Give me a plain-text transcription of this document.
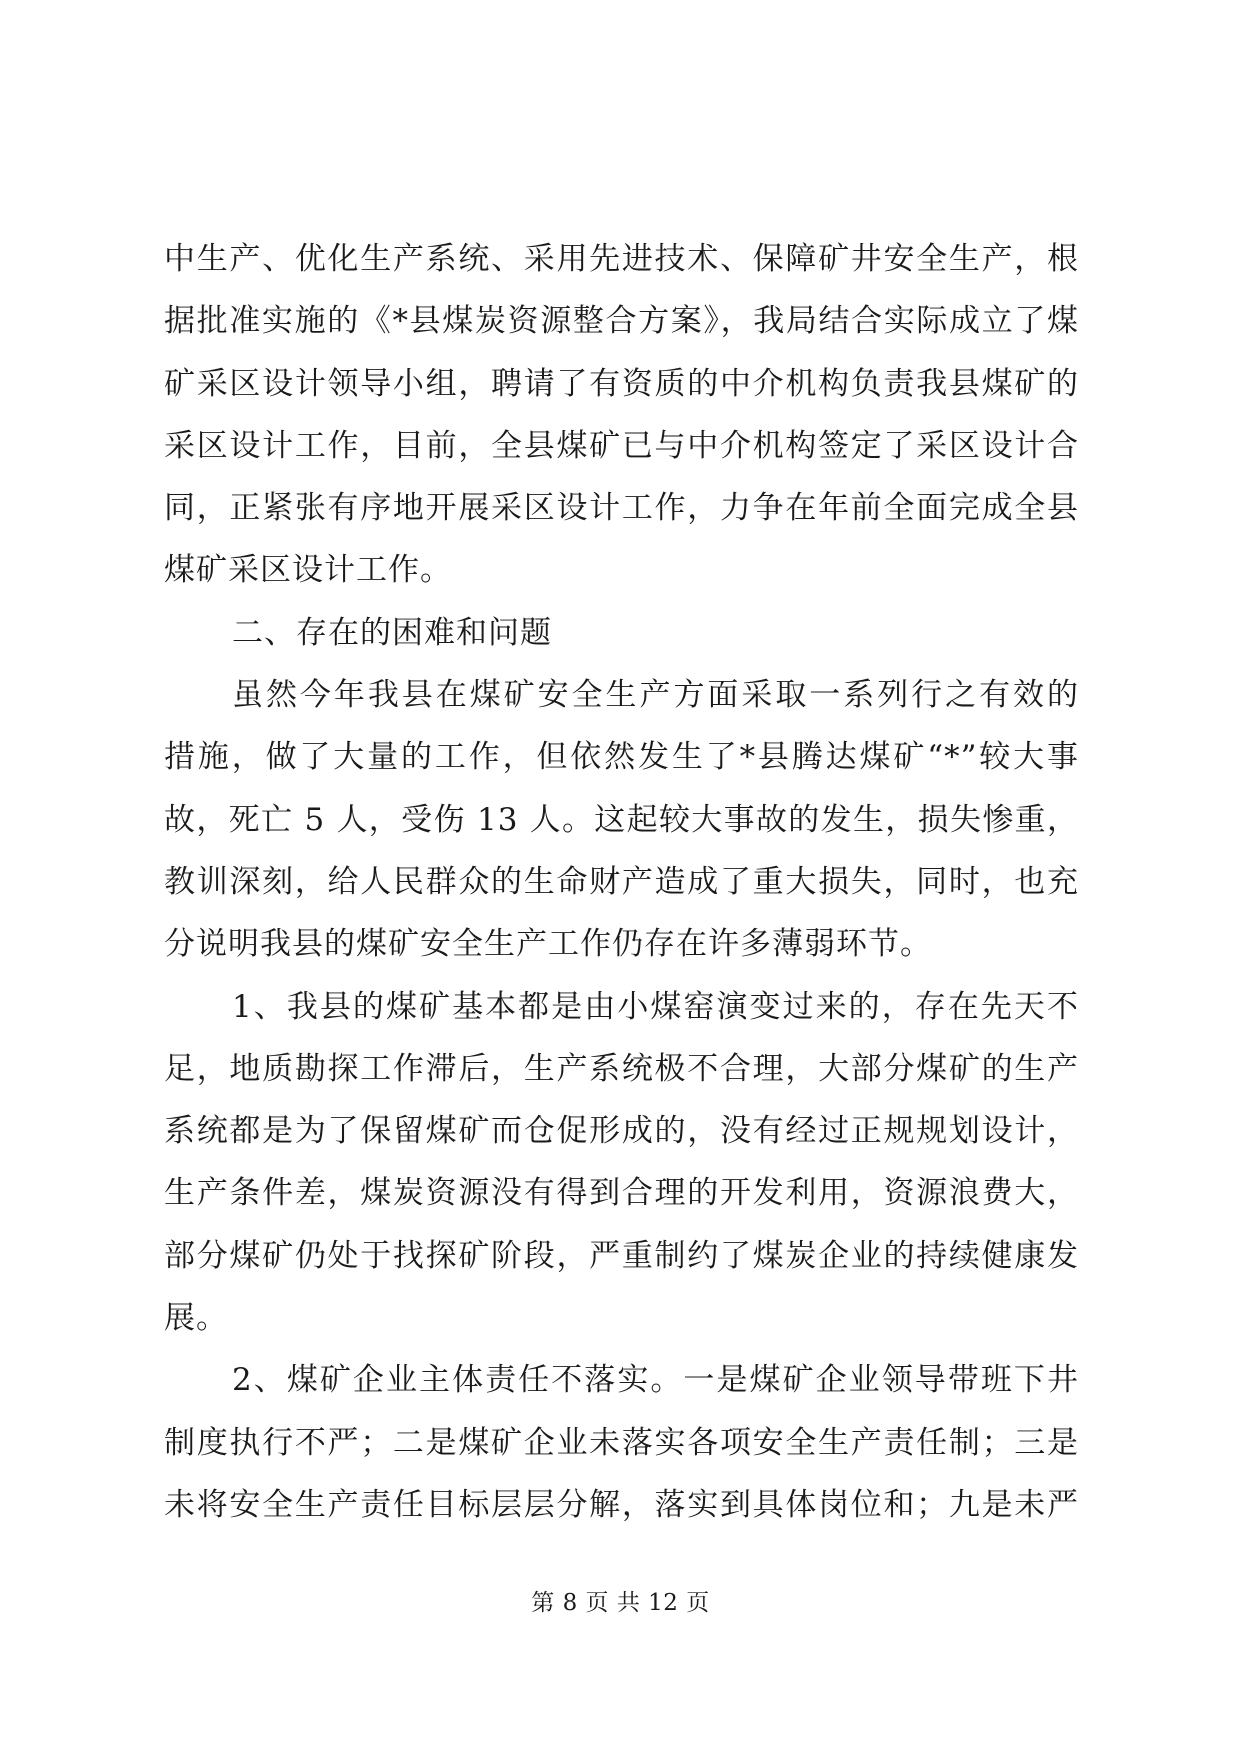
中生产、优化生产系统、采用先进技术、保障矿井安全生产，根
据批准实施的《*县煤炭资源整合方案》，我局结合实际成立了煤
矿采区设计领导小组，聘请了有资质的中介机构负责我县煤矿的
采区设计工作，目前，全县煤矿已与中介机构签定了采区设计合
同，正紧张有序地开展采区设计工作，力争在年前全面完成全县
煤矿采区设计工作。
二、存在的困难和问题
虽然今年我县在煤矿安全生产方面采取一系列行之有效的
措施，做了大量的工作，但依然发生了*县腾达煤矿“*”较大事
故，死亡 5 人，受伤 13 人。这起较大事故的发生，损失惨重，
教训深刻，给人民群众的生命财产造成了重大损失，同时，也充
分说明我县的煤矿安全生产工作仍存在许多薄弱环节。
1、我县的煤矿基本都是由小煤窑演变过来的，存在先天不
足，地质勘探工作滞后，生产系统极不合理，大部分煤矿的生产
系统都是为了保留煤矿而仓促形成的，没有经过正规规划设计，
生产条件差，煤炭资源没有得到合理的开发利用，资源浪费大，
部分煤矿仍处于找探矿阶段，严重制约了煤炭企业的持续健康发
展。
2、煤矿企业主体责任不落实。一是煤矿企业领导带班下井
制度执行不严；二是煤矿企业未落实各项安全生产责任制；三是
未将安全生产责任目标层层分解，落实到具体岗位和；九是未严
第 8 页 共 12 页
